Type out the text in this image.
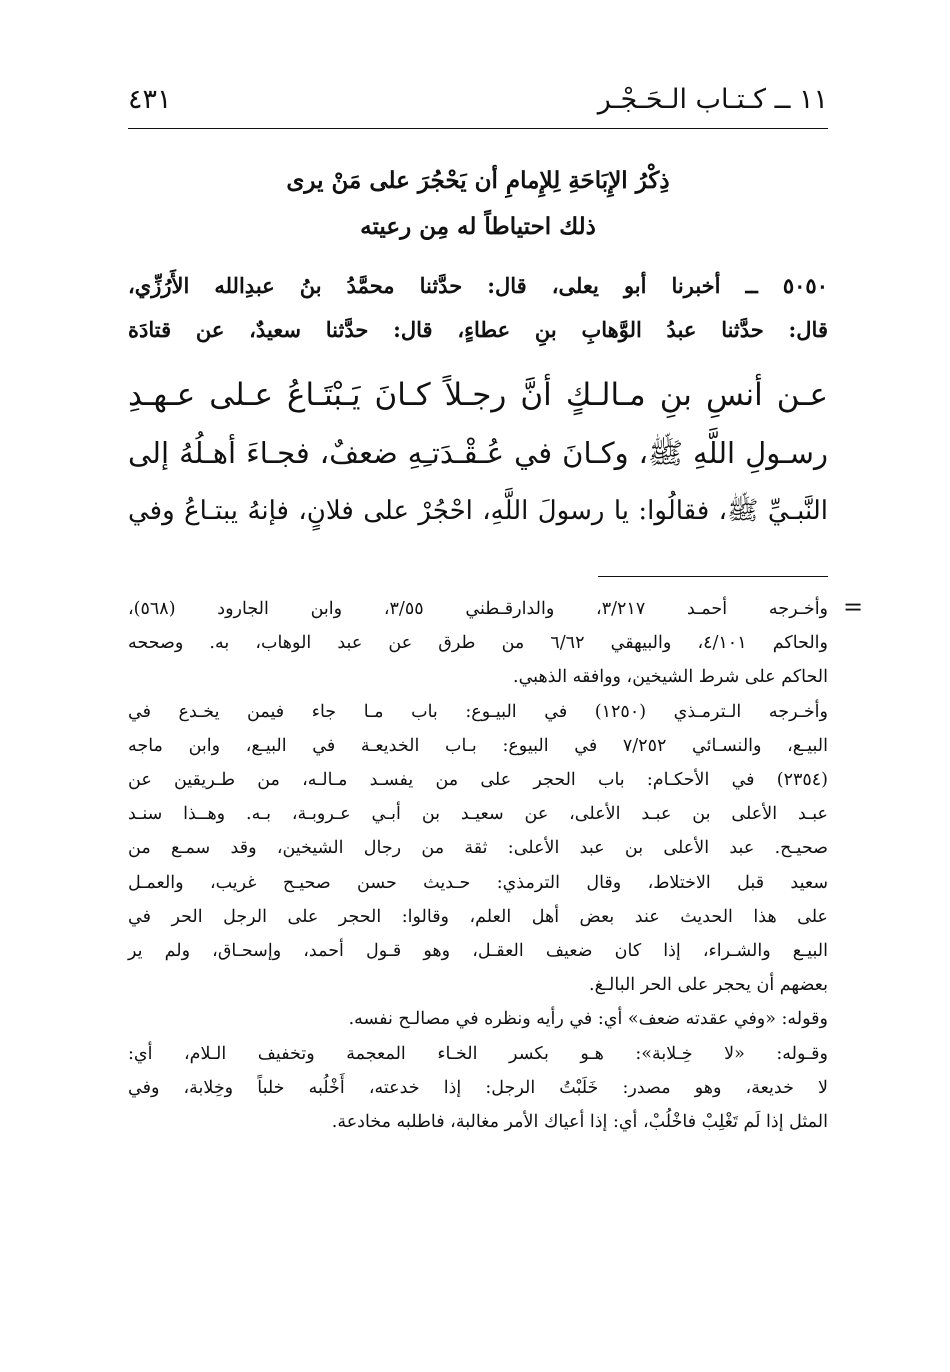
١١ ــ كـتـاب الـحَـجْـر
٤٣١
ذِكْرُ الإِبَاحَةِ لِلإِمامِ أن يَحْجُرَ على مَنْ يرى
ذلك احتياطاً له مِن رعيته
٥٠٥٠ ــ أخبرنا أبو يعلى، قال: حدَّثنا محمَّدُ بنُ عبدِالله الأَرُزِّي،
قال: حدَّثنا عبدُ الوَّهابِ بنِ عطاءٍ، قال: حدَّثنا سعيدٌ، عن قتادَة
عـن أنسِ بنِ مـالـكٍ أنَّ رجـلاً كـانَ يَـبْتَـاعُ عـلى عـهـدِ
رسـولِ اللَّهِ ﷺ، وكـانَ في عُـقْـدَتـِهِ ضعفٌ، فجـاءَ أهـلُهُ إلى
النَّبـيِّ ﷺ، فقالُوا: يا رسولَ اللَّهِ، احْجُرْ على فلانٍ، فإنهُ يبتـاعُ وفي
=
وأخـرجه أحمـد ٣/٢١٧، والدارقـطني ٣/٥٥، وابن الجارود (٥٦٨)،
والحاكم ٤/١٠١، والبيهقي ٦/٦٢ من طرق عن عبد الوهاب، به. وصححه
الحاكم على شرط الشيخين، ووافقه الذهبي.
وأخـرجه الـترمـذي (١٢٥٠) في البيـوع: باب مـا جاء فيمن يخـدع في
البيـع، والنسـائي ٧/٢٥٢ في البيوع: بـاب الخديعـة في البيـع، وابن ماجه
(٢٣٥٤) في الأحكـام: باب الحجر على من يفسـد مـالـه، من طـريقين عن
عبـد الأعلى بن عبـد الأعلى، عن سعيـد بن أبـي عـروبـة، بـه. وهــذا سنـد
صحيـح. عبد الأعلى بن عبد الأعلى: ثقة من رجال الشيخين، وقد سمـع من
سعيد قبل الاختلاط، وقال الترمذي: حـديث حسن صحيـح غريب، والعمـل
على هذا الحديث عند بعض أهل العلم، وقالوا: الحجر على الرجل الحر في
البيـع والشـراء، إذا كان ضعيف العقـل، وهو قـول أحمد، وإسحـاق، ولم ير
بعضهم أن يحجر على الحر البالـغ.
وقوله: «وفي عقدته ضعف» أي: في رأيه ونظره في مصالـح نفسه.
وقـوله: «لا خِـلابة»: هـو بكسر الخـاء المعجمة وتخفيف الـلام، أي:
لا خديعة، وهو مصدر: خَلَبْتُ الرجل: إذا خدعته، أَخْلُبه خلباً وخِلابة، وفي
المثل إذا لَم تَغْلِبْ فاخْلُبْ، أي: إذا أعياك الأمر مغالبة، فاطلبه مخادعة.
